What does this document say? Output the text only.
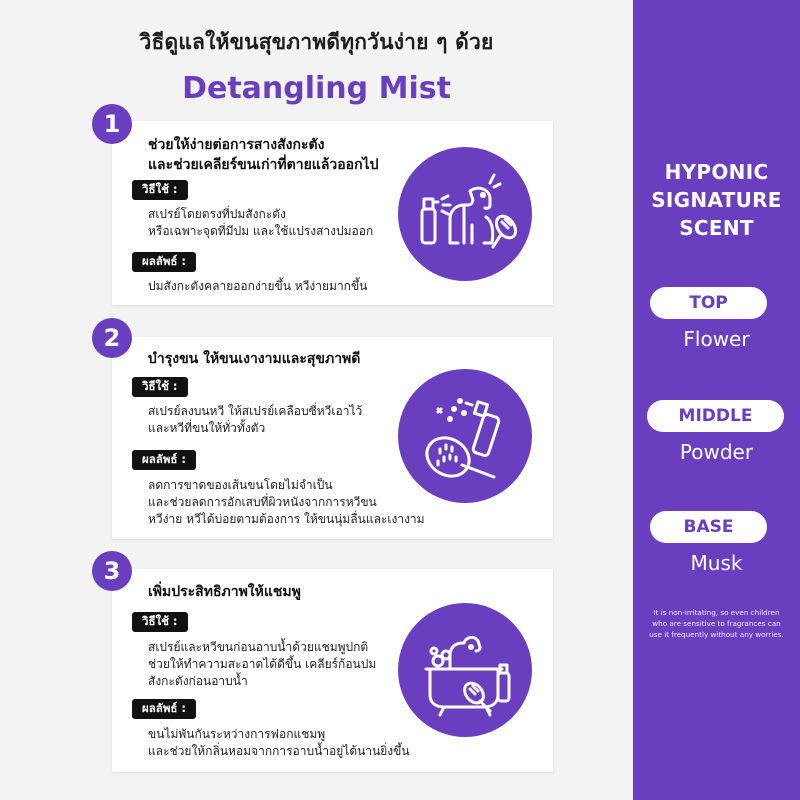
วิธีดูแลให้ขนสุขภาพดีทุกวันง่าย ๆ ด้วย
Detangling Mist
1
ช่วยให้ง่ายต่อการสางสังกะตัง
และช่วยเคลียร์ขนเก่าที่ตายแล้วออกไป
วิธีใช้ :
สเปรย์โดยตรงที่ปมสังกะตัง
หรือเฉพาะจุดที่มีปม และใช้แปรงสางปมออก
ผลลัพธ์ :
ปมสังกะตังคลายออกง่ายขึ้น หวีง่ายมากขึ้น
2
บำรุงขน ให้ขนเงางามและสุขภาพดี
วิธีใช้ :
สเปรย์ลงบนหวี ให้สเปรย์เคลือบซี่หวีเอาไว้
และหวีที่ขนให้ทั่วทั้งตัว
ผลลัพธ์ :
ลดการขาดของเส้นขนโดยไม่จำเป็น
และช่วยลดการอักเสบที่ผิวหนังจากการหวีขน
หวีง่าย หวีได้บ่อยตามต้องการ ให้ขนนุ่มลื่นและเงางาม
3
เพิ่มประสิทธิภาพให้แชมพู
วิธีใช้ :
สเปรย์และหวีขนก่อนอาบน้ำด้วยแชมพูปกติ
ช่วยให้ทำความสะอาดได้ดีขึ้น เคลียร์ก้อนปม
สังกะตังก่อนอาบน้ำ
ผลลัพธ์ :
ขนไม่พันกันระหว่างการฟอกแชมพู
และช่วยให้กลิ่นหอมจากการอาบน้ำอยู่ได้นานยิ่งขึ้น
HYPONIC
SIGNATURE
SCENT
TOP
Flower
MIDDLE
Powder
BASE
Musk
It is non-irritating, so even children who are sensitive to fragrances can use it frequently without any worries.
